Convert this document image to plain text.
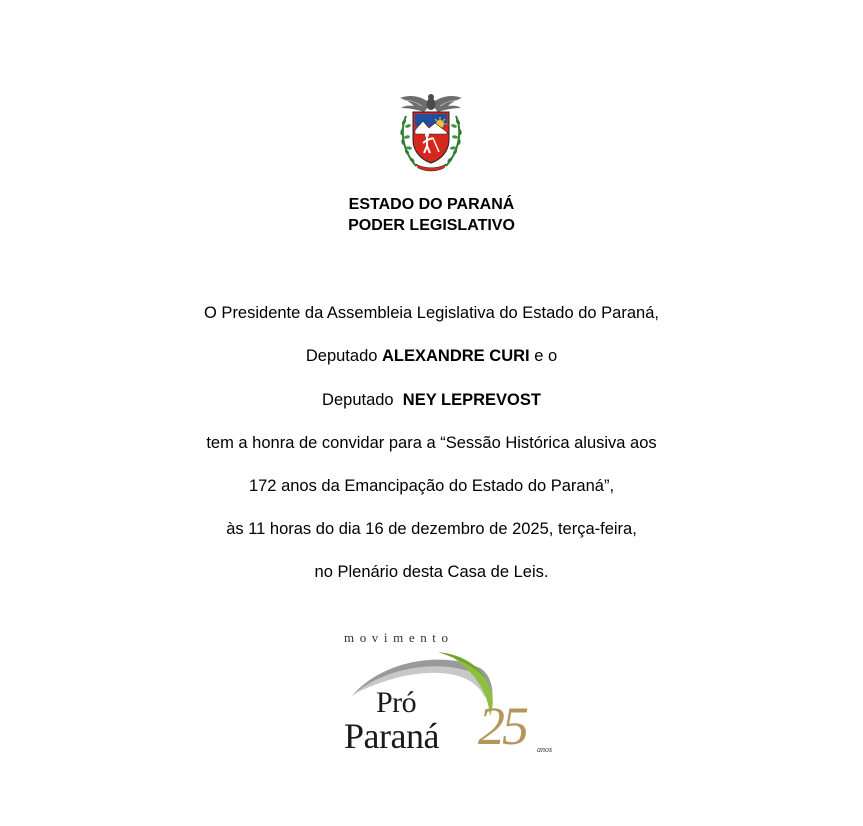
ESTADO DO PARANÁ
PODER LEGISLATIVO
O Presidente da Assembleia Legislativa do Estado do Paraná,
Deputado ALEXANDRE CURI e o
Deputado  NEY LEPREVOST
tem a honra de convidar para a “Sessão Histórica alusiva aos
172 anos da Emancipação do Estado do Paraná”,
às 11 horas do dia 16 de dezembro de 2025, terça-feira,
no Plenário desta Casa de Leis.
movimento
Pró
Paraná 25 anos
